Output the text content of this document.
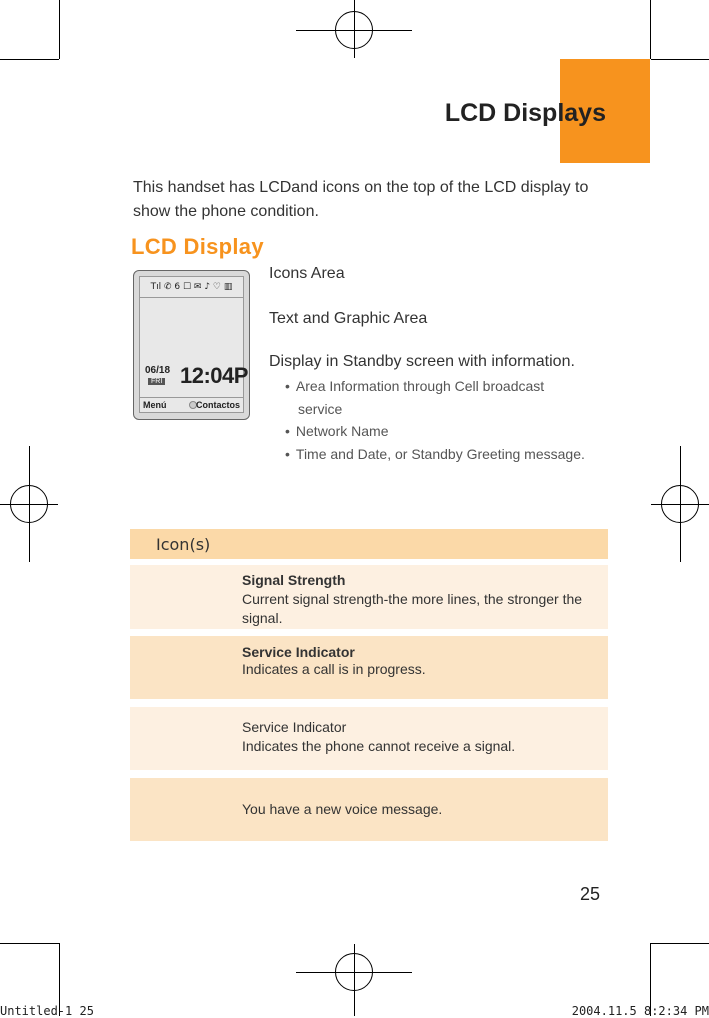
LCD Displays
This handset has LCDand icons on the top of the LCD display to show the phone condition.
LCD Display
Tıl ✆ 6 ☐ ✉ ♪ ♡ ▥
06/18
FRI 12:04P
Menú	Contactos
Icons Area
Text and Graphic Area
Display in Standby screen with information.
• Area Information through Cell broadcast
service
• Network Name
• Time and Date, or Standby Greeting message.
Icon(s)
Signal Strength
Current signal strength-the more lines, the stronger the signal.
Service Indicator
Indicates a call is in progress.
Service Indicator
Indicates the phone cannot receive a signal.
You have a new voice message.
25
Untitled-1 25	2004.11.5 8:2:34 PM
